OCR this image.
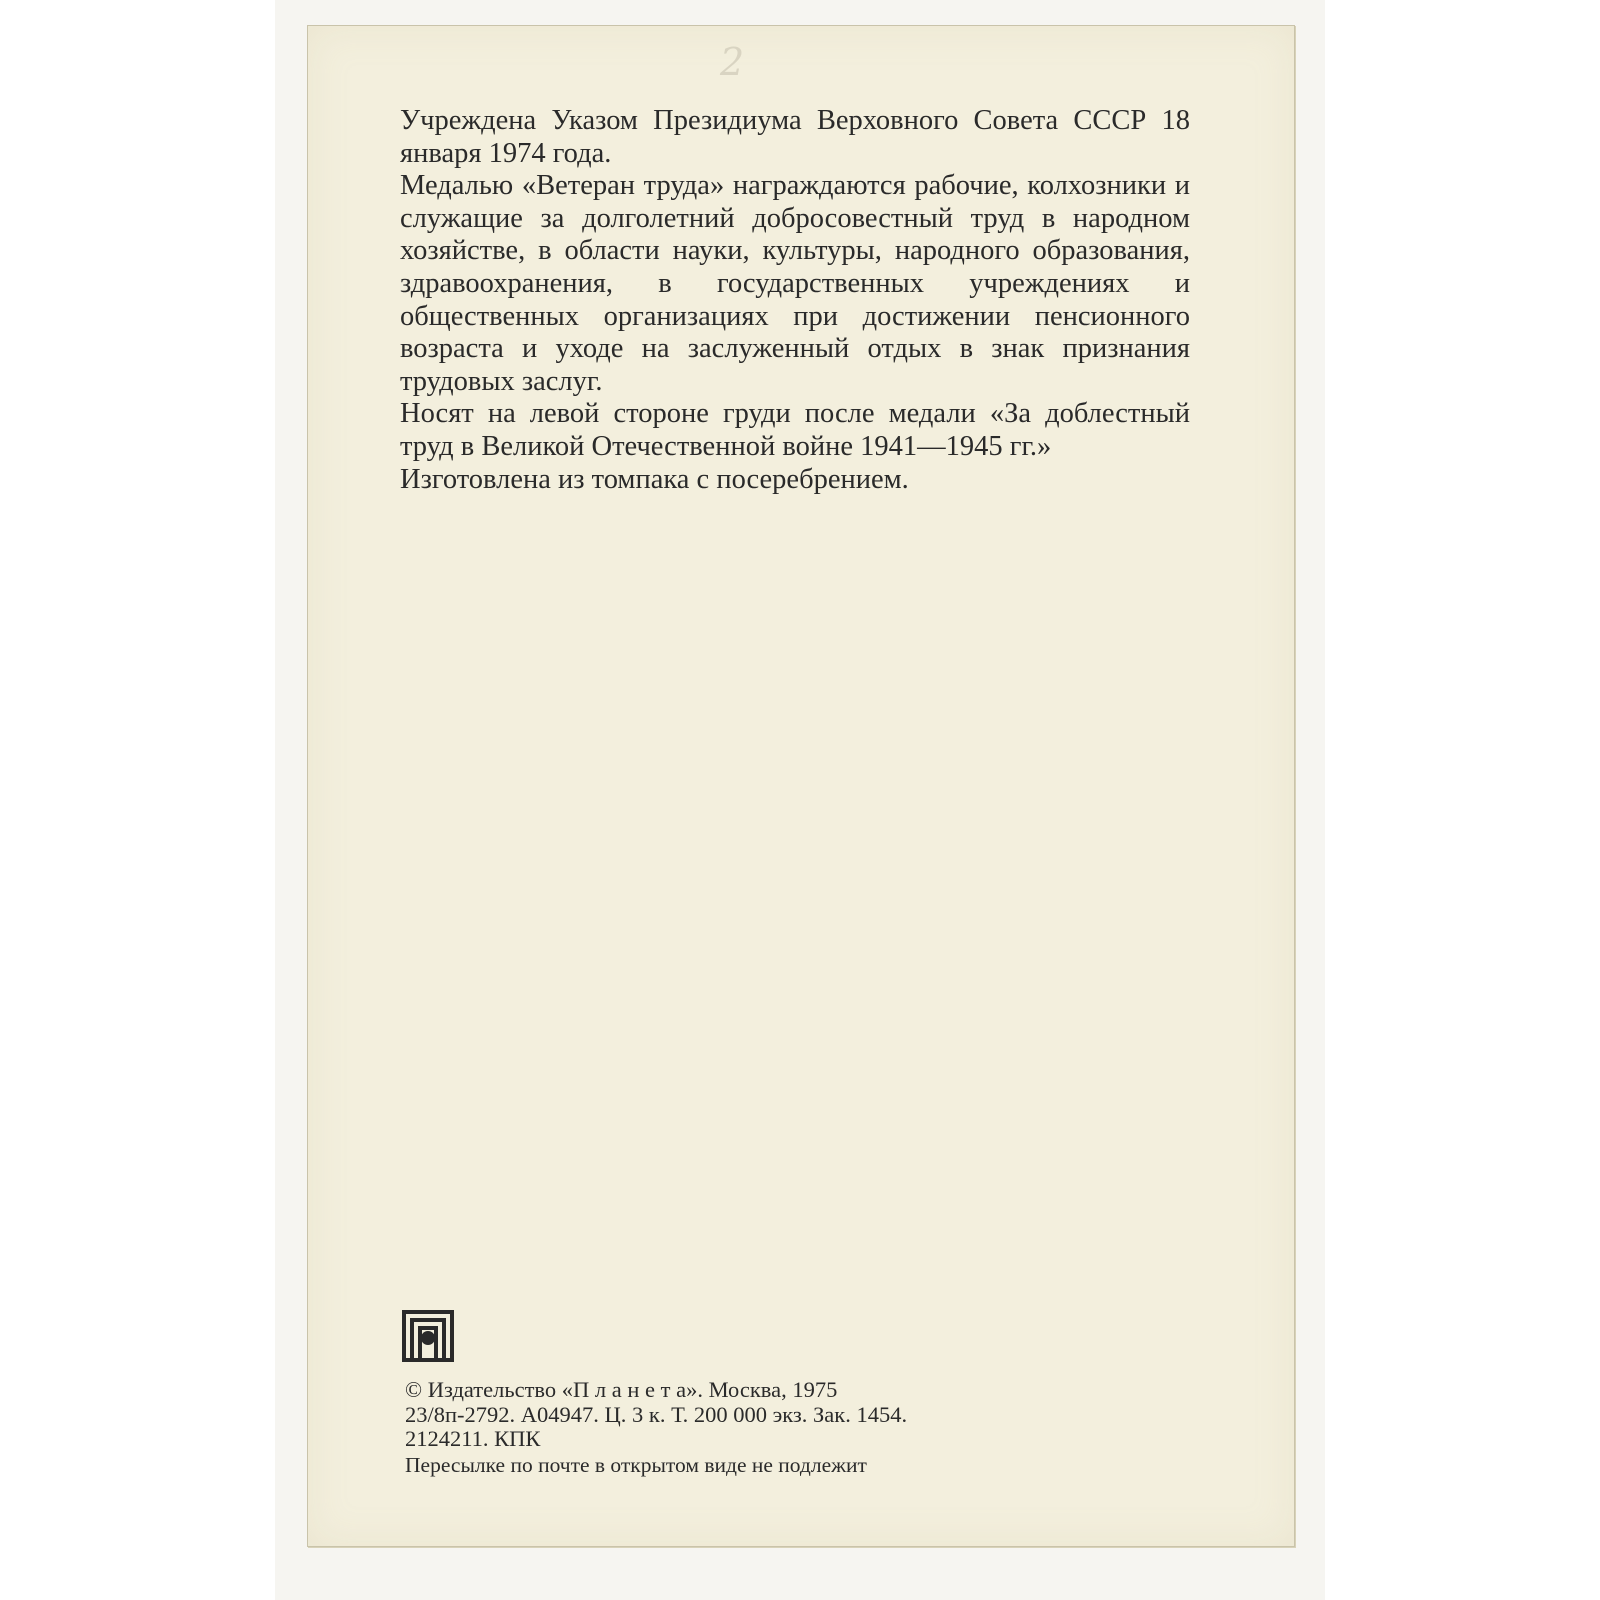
2

Учреждена Указом Президиума Верховного Совета СССР 18 января 1974 года.

Медалью «Ветеран труда» награждаются рабочие, колхозники и служащие за долголетний добросовестный труд в народном хозяйстве, в области науки, культуры, народного образования, здравоохранения, в государственных учреждениях и общественных организациях при достижении пенсионного возраста и уходе на заслуженный отдых в знак признания трудовых заслуг.

Носят на левой стороне груди после медали «За доблестный труд в Великой Отечественной войне 1941—1945 гг.»

Изготовлена из томпака с посеребрением.

© Издательство «П л а н е т а». Москва, 1975
23/8п-2792. А04947. Ц. 3 к. Т. 200 000 экз. Зак. 1454.
2124211. КПК
Пересылке по почте в открытом виде не подлежит
